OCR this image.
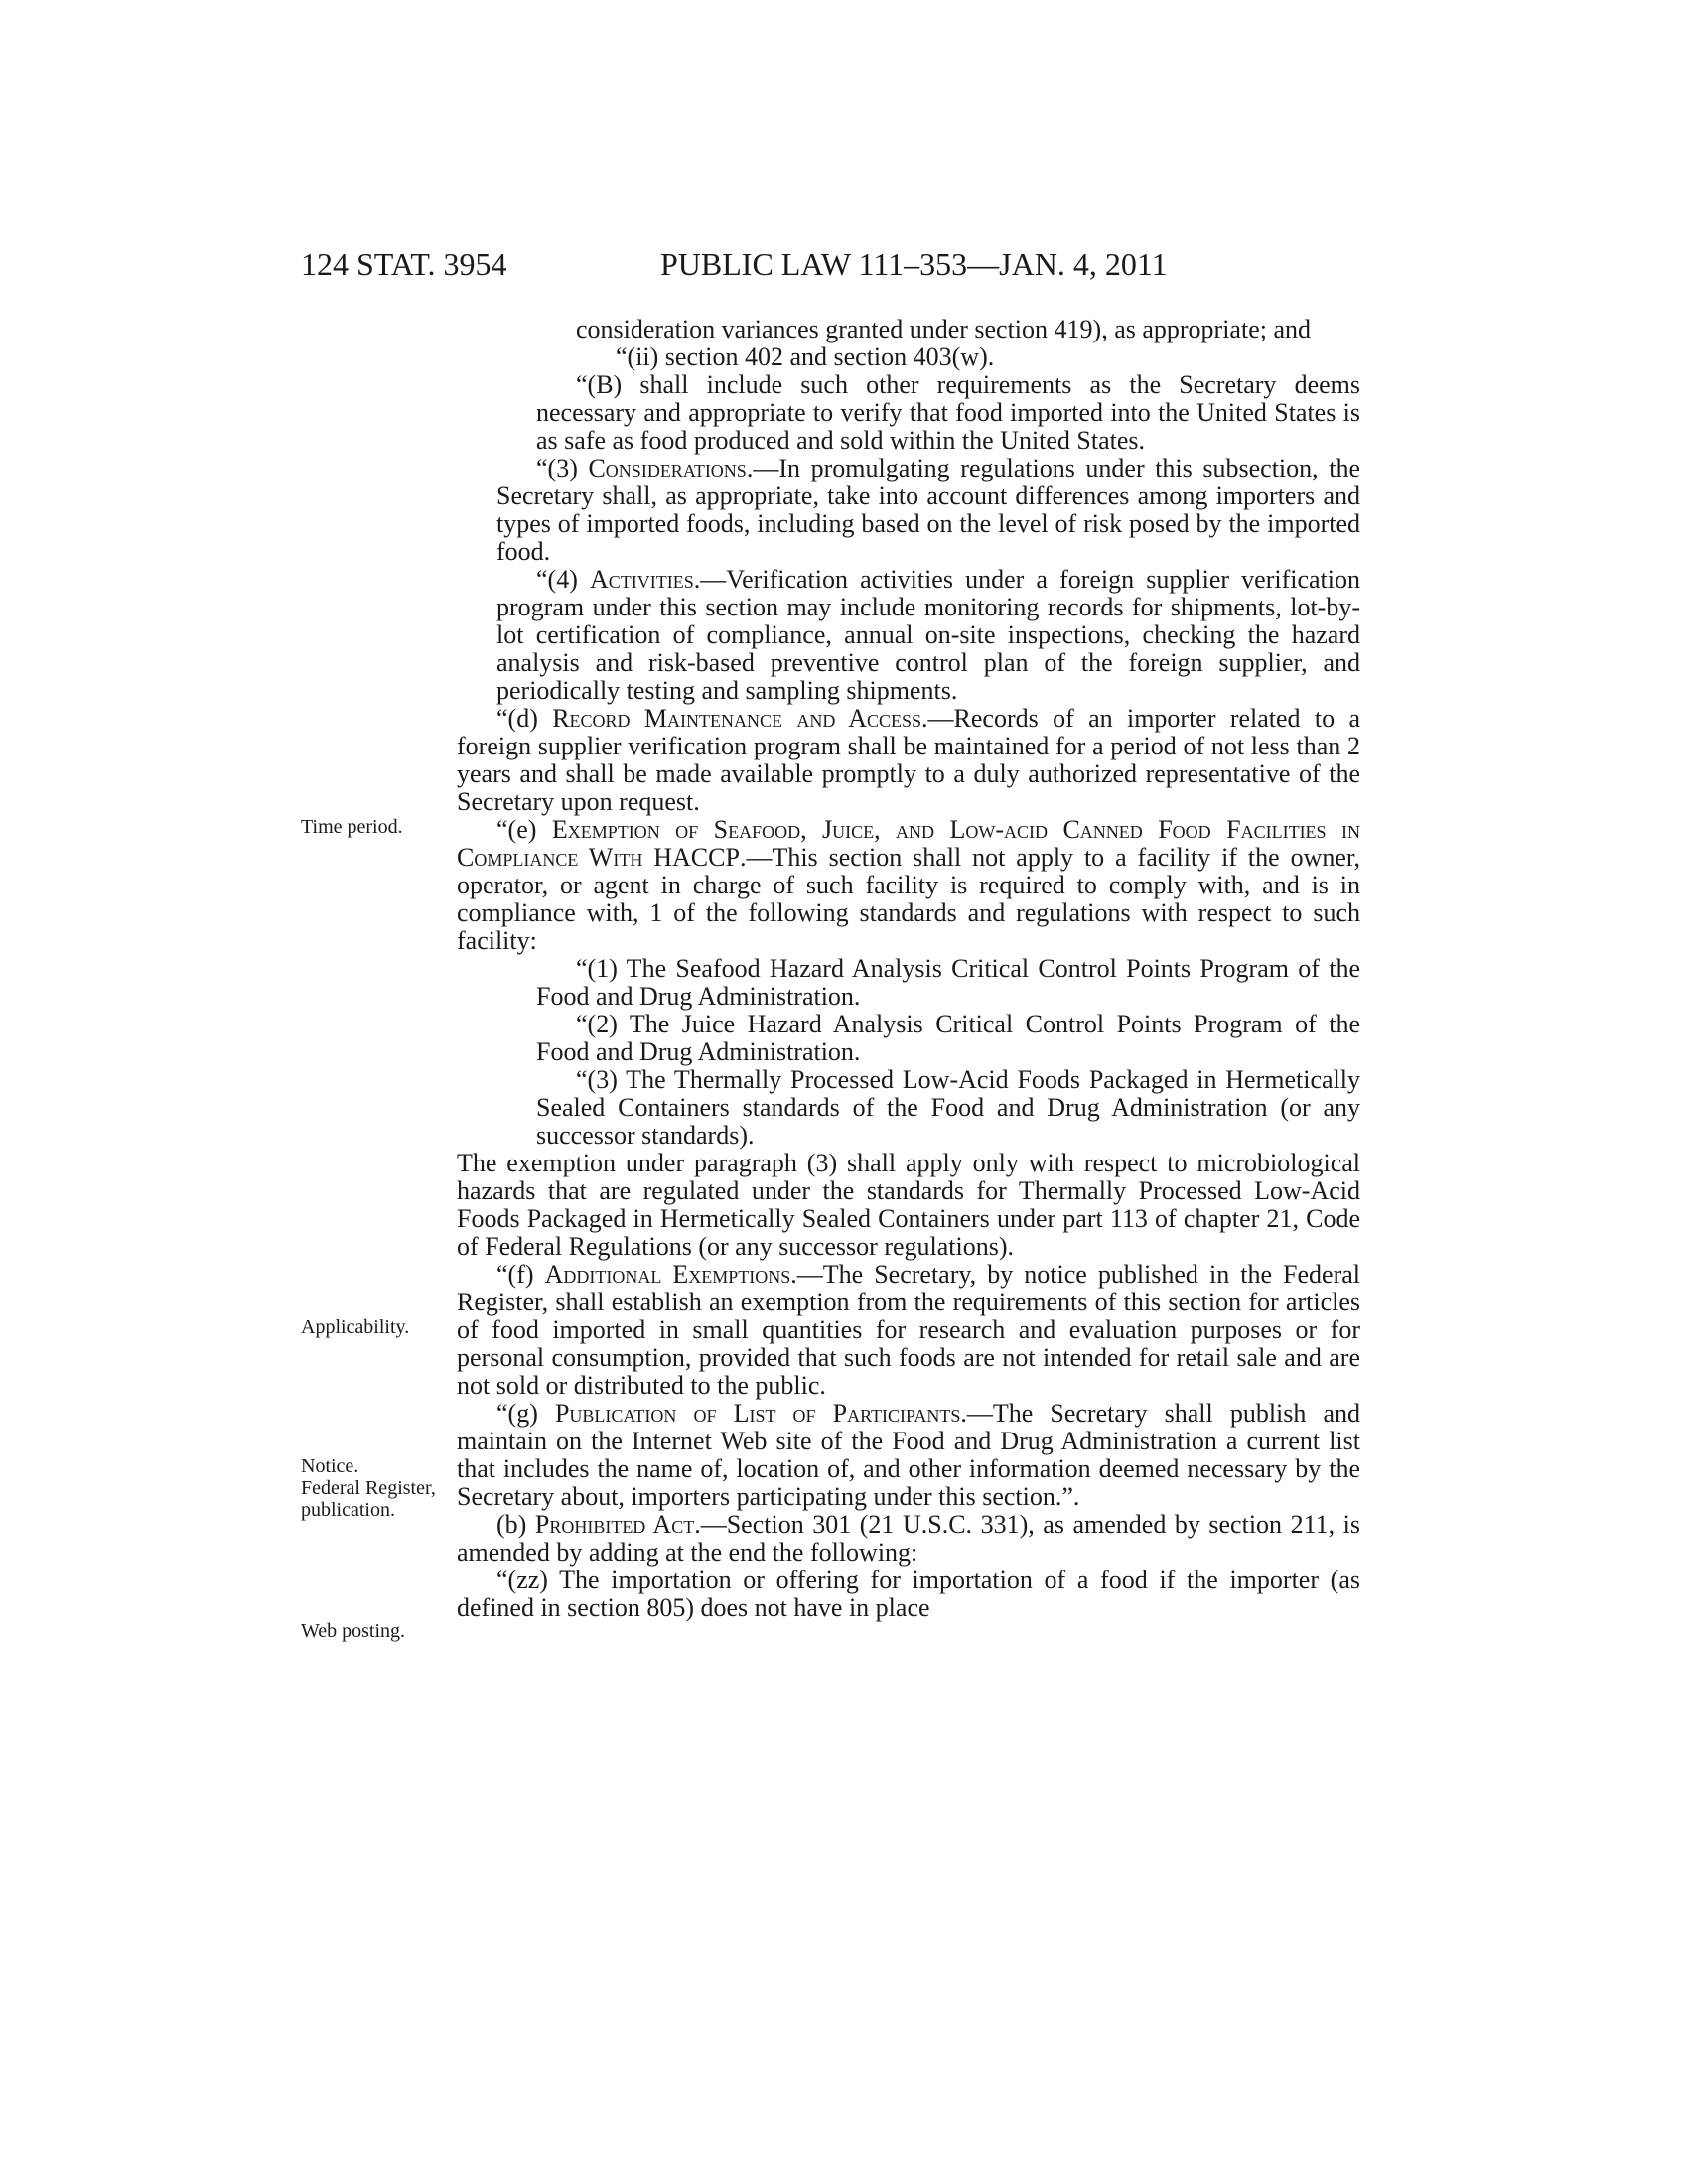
124 STAT. 3954	PUBLIC LAW 111–353—JAN. 4, 2011
Time period.
Applicability.
Notice.
Federal Register,
publication.
Web posting.

consideration variances granted under section 419), as appropriate; and

“(ii) section 402 and section 403(w).

“(B) shall include such other requirements as the Secretary deems necessary and appropriate to verify that food imported into the United States is as safe as food produced and sold within the United States.

“(3) Considerations.—In promulgating regulations under this subsection, the Secretary shall, as appropriate, take into account differences among importers and types of imported foods, including based on the level of risk posed by the imported food.

“(4) Activities.—Verification activities under a foreign supplier verification program under this section may include monitoring records for shipments, lot-by-lot certification of compliance, annual on-site inspections, checking the hazard analysis and risk-based preventive control plan of the foreign supplier, and periodically testing and sampling shipments.

“(d) Record Maintenance and Access.—Records of an importer related to a foreign supplier verification program shall be maintained for a period of not less than 2 years and shall be made available promptly to a duly authorized representative of the Secretary upon request.

“(e) Exemption of Seafood, Juice, and Low-acid Canned Food Facilities in Compliance With HACCP.—This section shall not apply to a facility if the owner, operator, or agent in charge of such facility is required to comply with, and is in compliance with, 1 of the following standards and regulations with respect to such facility:

“(1) The Seafood Hazard Analysis Critical Control Points Program of the Food and Drug Administration.

“(2) The Juice Hazard Analysis Critical Control Points Program of the Food and Drug Administration.

“(3) The Thermally Processed Low-Acid Foods Packaged in Hermetically Sealed Containers standards of the Food and Drug Administration (or any successor standards).

The exemption under paragraph (3) shall apply only with respect to microbiological hazards that are regulated under the standards for Thermally Processed Low-Acid Foods Packaged in Hermetically Sealed Containers under part 113 of chapter 21, Code of Federal Regulations (or any successor regulations).

“(f) Additional Exemptions.—The Secretary, by notice published in the Federal Register, shall establish an exemption from the requirements of this section for articles of food imported in small quantities for research and evaluation purposes or for personal consumption, provided that such foods are not intended for retail sale and are not sold or distributed to the public.

“(g) Publication of List of Participants.—The Secretary shall publish and maintain on the Internet Web site of the Food and Drug Administration a current list that includes the name of, location of, and other information deemed necessary by the Secretary about, importers participating under this section.”.

(b) Prohibited Act.—Section 301 (21 U.S.C. 331), as amended by section 211, is amended by adding at the end the following:

“(zz) The importation or offering for importation of a food if the importer (as defined in section 805) does not have in place
